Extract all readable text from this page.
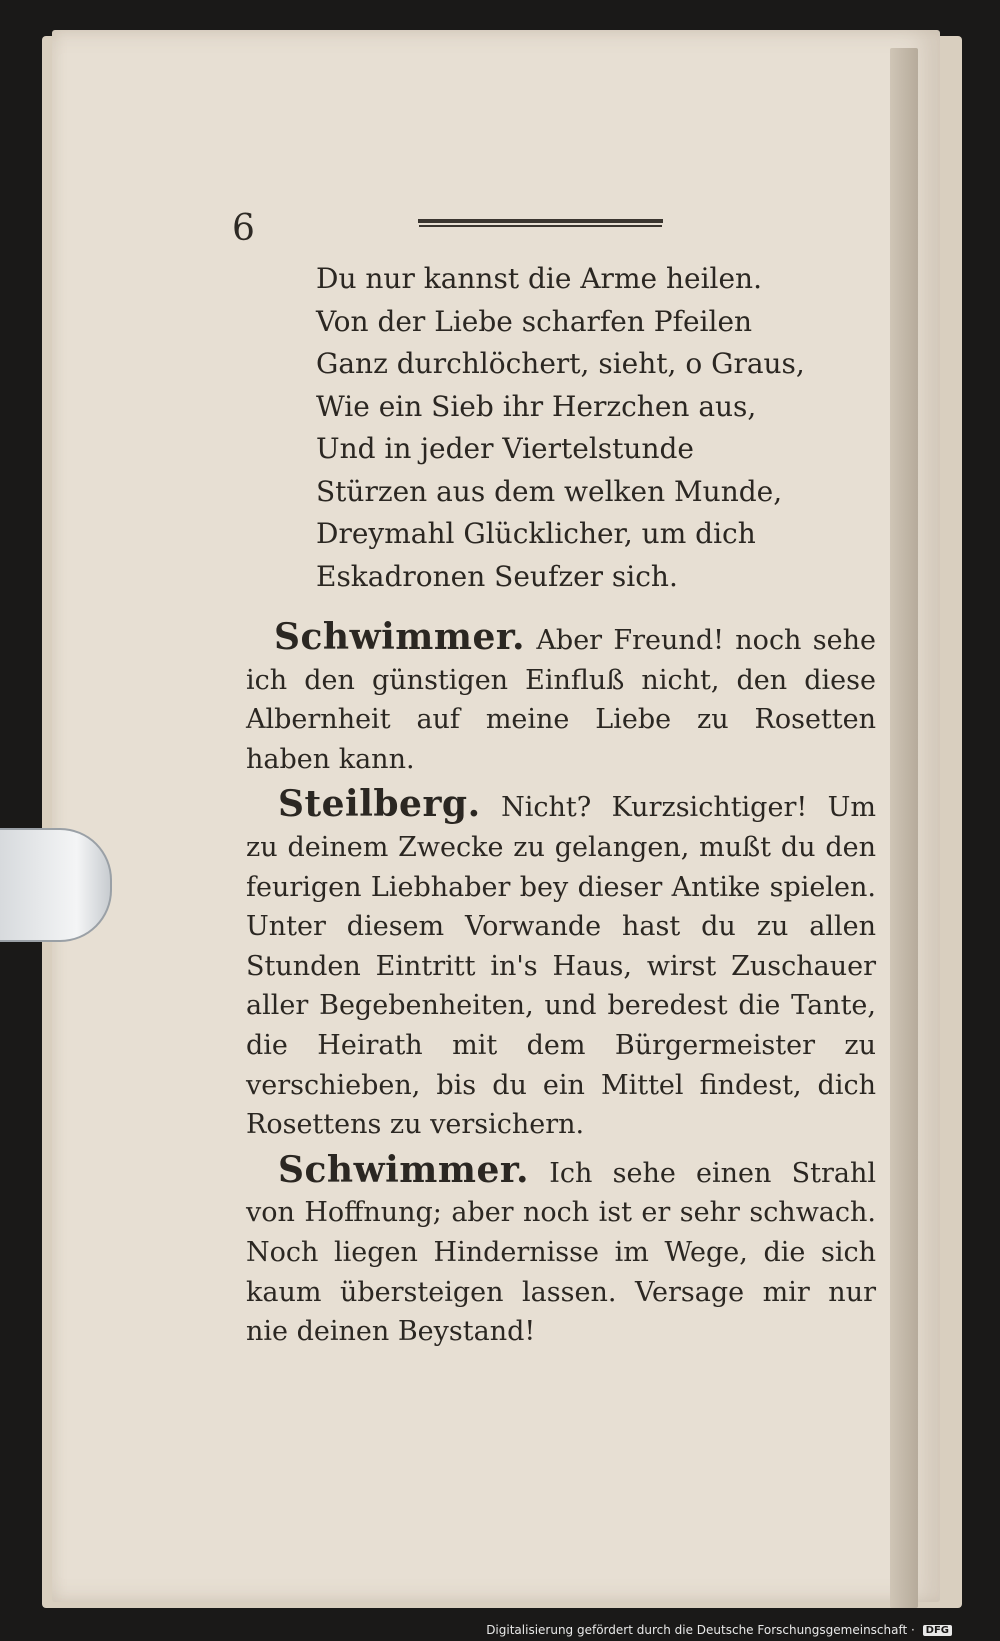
6
Du nur kannst die Arme heilen.
Von der Liebe scharfen Pfeilen
Ganz durchlöchert, sieht, o Graus,
Wie ein Sieb ihr Herzchen aus,
Und in jeder Viertelstunde
Stürzen aus dem welken Munde,
Dreymahl Glücklicher, um dich
Eskadronen Seufzer sich.

Schwimmer. Aber Freund! noch sehe ich den günstigen Einfluß nicht, den diese Albernheit auf meine Liebe zu Rosetten haben kann.

Steilberg. Nicht? Kurzsichtiger! Um zu deinem Zwecke zu gelangen, mußt du den feurigen Liebhaber bey dieser Antike spielen. Unter diesem Vorwande hast du zu allen Stunden Eintritt in's Haus, wirst Zuschauer aller Begebenheiten, und beredest die Tante, die Heirath mit dem Bürgermeister zu verschieben, bis du ein Mittel findest, dich Rosettens zu versichern.

Schwimmer. Ich sehe einen Strahl von Hoffnung; aber noch ist er sehr schwach. Noch liegen Hindernisse im Wege, die sich kaum übersteigen lassen. Versage mir nur nie deinen Beystand!

Digitalisierung gefördert durch die Deutsche Forschungsgemeinschaft · DFG
